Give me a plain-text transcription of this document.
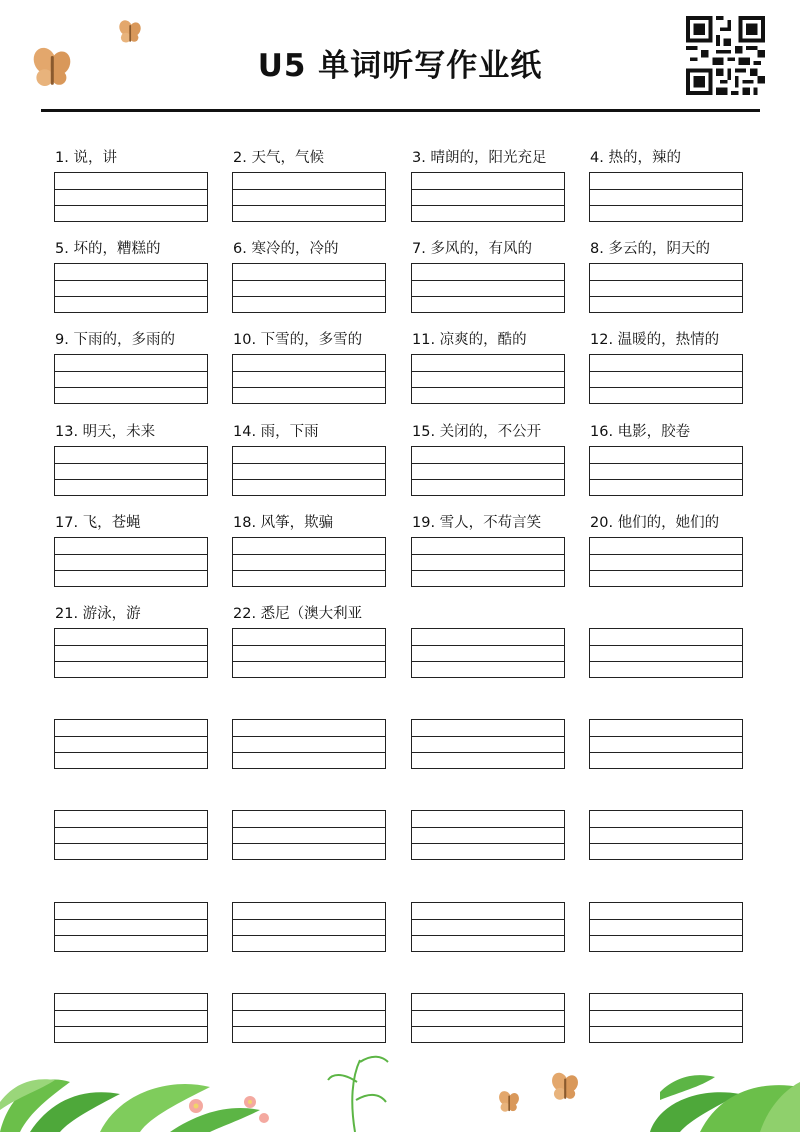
U5 单词听写作业纸
1. 说，讲	2. 天气，气候	3. 晴朗的，阳光充足	4. 热的，辣的
5. 坏的，糟糕的	6. 寒冷的，冷的	7. 多风的，有风的	8. 多云的，阴天的
9. 下雨的，多雨的	10. 下雪的，多雪的	11. 凉爽的，酷的	12. 温暖的，热情的
13. 明天，未来	14. 雨，下雨	15. 关闭的，不公开	16. 电影，胶卷
17. 飞，苍蝇	18. 风筝，欺骗	19. 雪人，不苟言笑	20. 他们的，她们的
21. 游泳，游	22. 悉尼（澳大利亚
